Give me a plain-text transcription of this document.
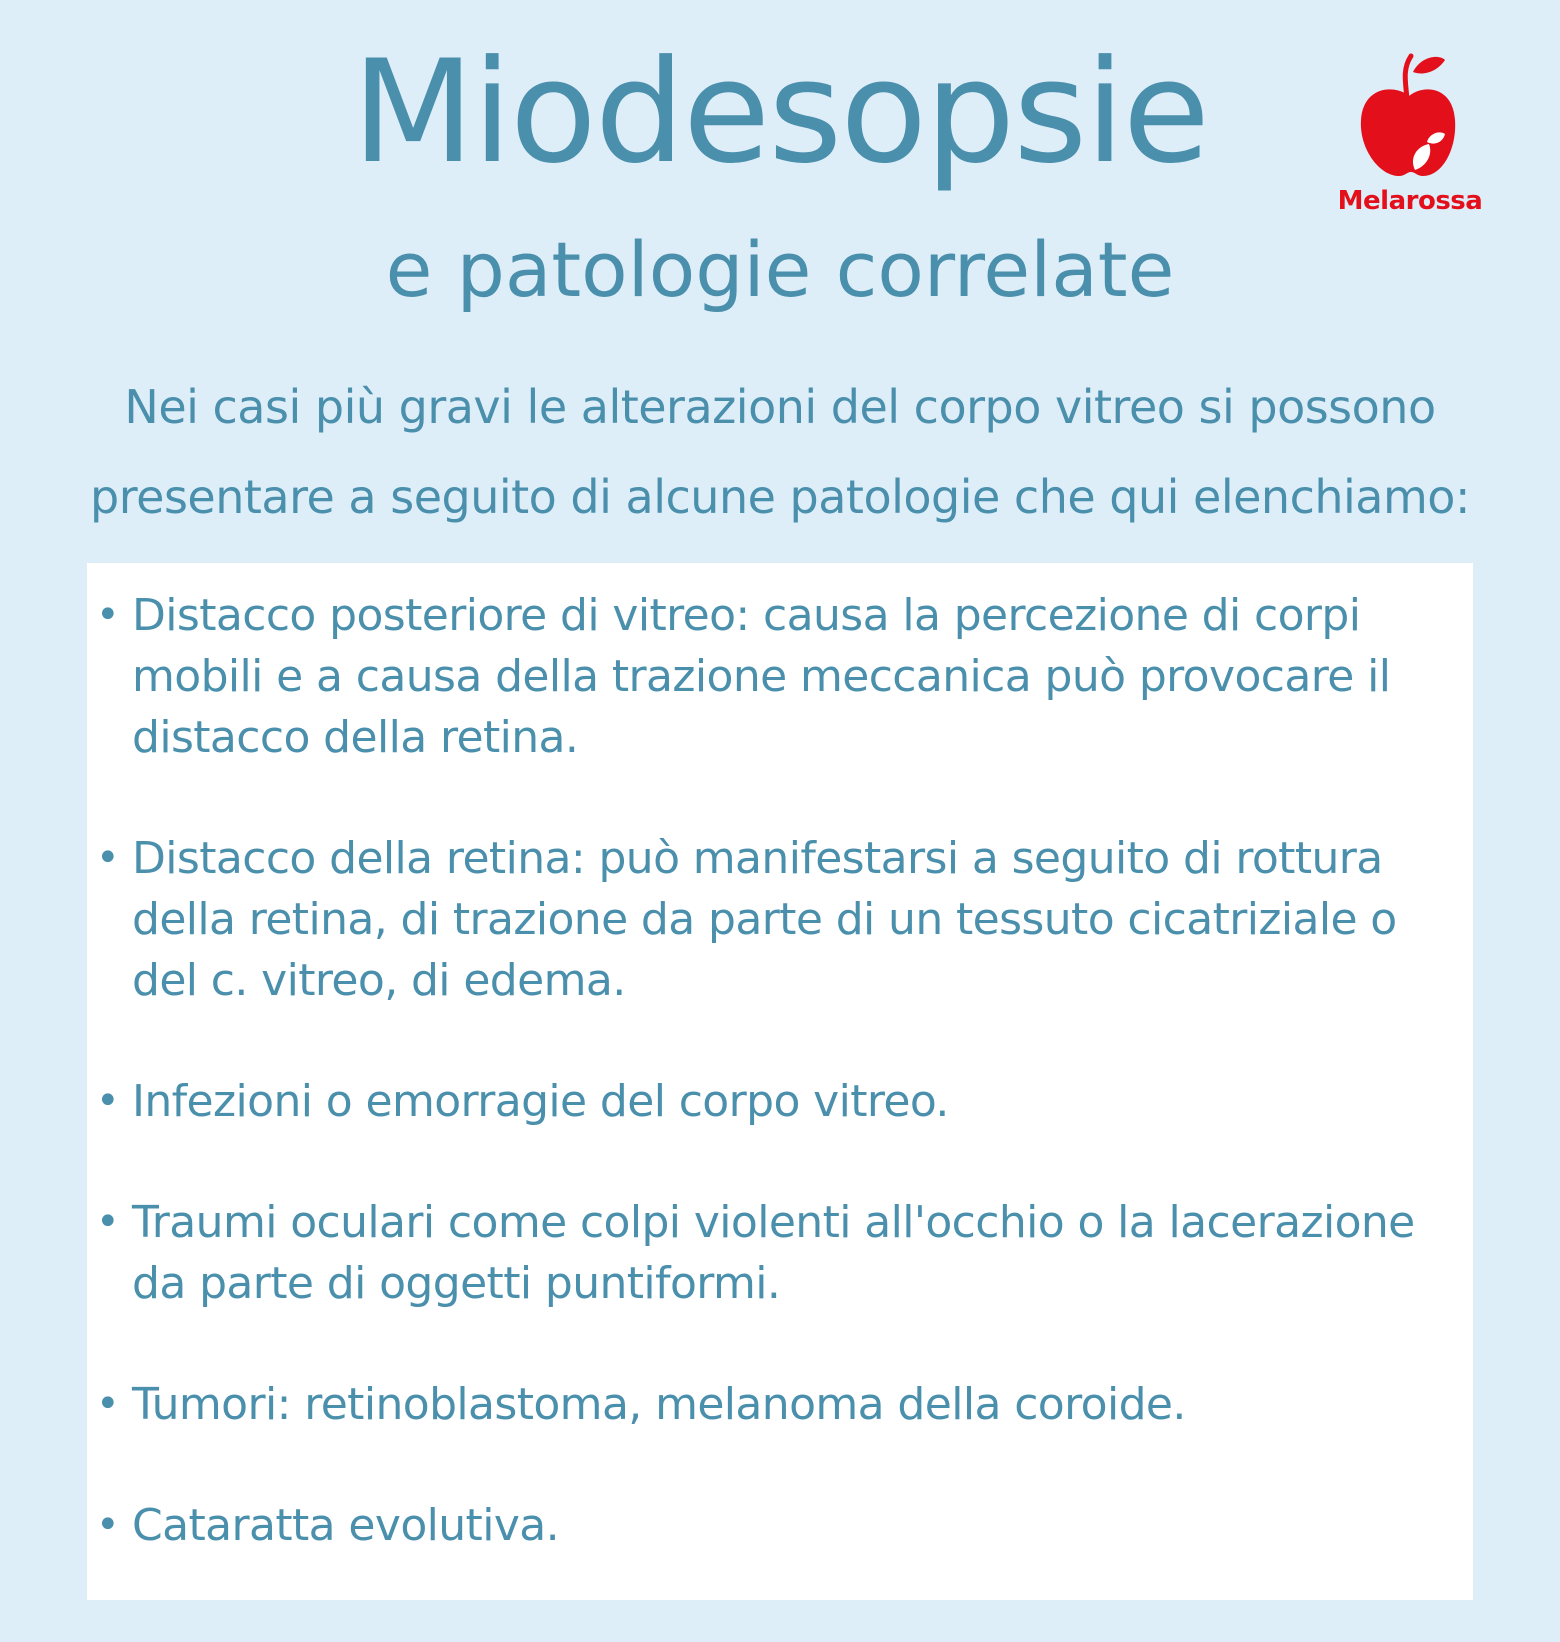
Miodesopsie
e patologie correlate
Melarossa

Nei casi più gravi le alterazioni del corpo vitreo si possono presentare a seguito di alcune patologie che qui elenchiamo:

• Distacco posteriore di vitreo: causa la percezione di corpi mobili e a causa della trazione meccanica può provocare il distacco della retina.
• Distacco della retina: può manifestarsi a seguito di rottura della retina, di trazione da parte di un tessuto cicatriziale o del c. vitreo, di edema.
• Infezioni o emorragie del corpo vitreo.
• Traumi oculari come colpi violenti all'occhio o la lacerazione da parte di oggetti puntiformi.
• Tumori: retinoblastoma, melanoma della coroide.
• Cataratta evolutiva.
